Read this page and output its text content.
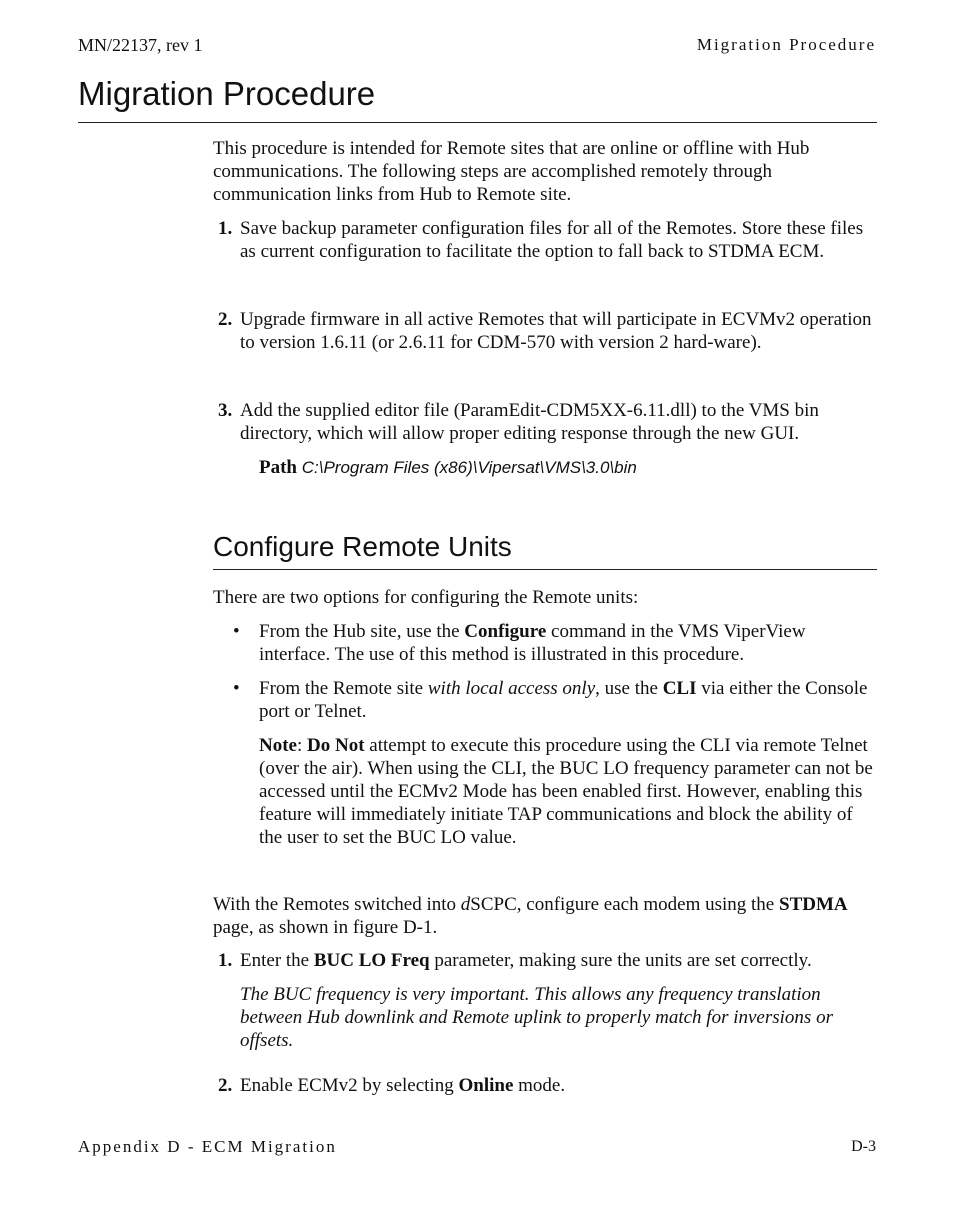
MN/22137, rev 1	Migration Procedure
Migration Procedure

This procedure is intended for Remote sites that are online or offline with Hub communications. The following steps are accomplished remotely through communication links from Hub to Remote site.

1. Save backup parameter configuration files for all of the Remotes. Store these files as current configuration to facilitate the option to fall back to STDMA ECM.
2. Upgrade firmware in all active Remotes that will participate in ECVMv2 operation to version 1.6.11 (or 2.6.11 for CDM-570 with version 2 hard-ware).
3. Add the supplied editor file (ParamEdit-CDM5XX-6.11.dll) to the VMS bin directory, which will allow proper editing response through the new GUI.
Path C:\Program Files (x86)\Vipersat\VMS\3.0\bin
Configure Remote Units

There are two options for configuring the Remote units:

• From the Hub site, use the Configure command in the VMS ViperView interface. The use of this method is illustrated in this procedure.
• From the Remote site with local access only, use the CLI via either the Console port or Telnet.
Note: Do Not attempt to execute this procedure using the CLI via remote Telnet (over the air). When using the CLI, the BUC LO frequency parameter can not be accessed until the ECMv2 Mode has been enabled first. However, enabling this feature will immediately initiate TAP communications and block the ability of the user to set the BUC LO value.

With the Remotes switched into dSCPC, configure each modem using the STDMA page, as shown in figure D-1.

1. Enter the BUC LO Freq parameter, making sure the units are set correctly.
The BUC frequency is very important. This allows any frequency translation between Hub downlink and Remote uplink to properly match for inversions or offsets.
2. Enable ECMv2 by selecting Online mode.
Appendix D - ECM Migration	D-3
